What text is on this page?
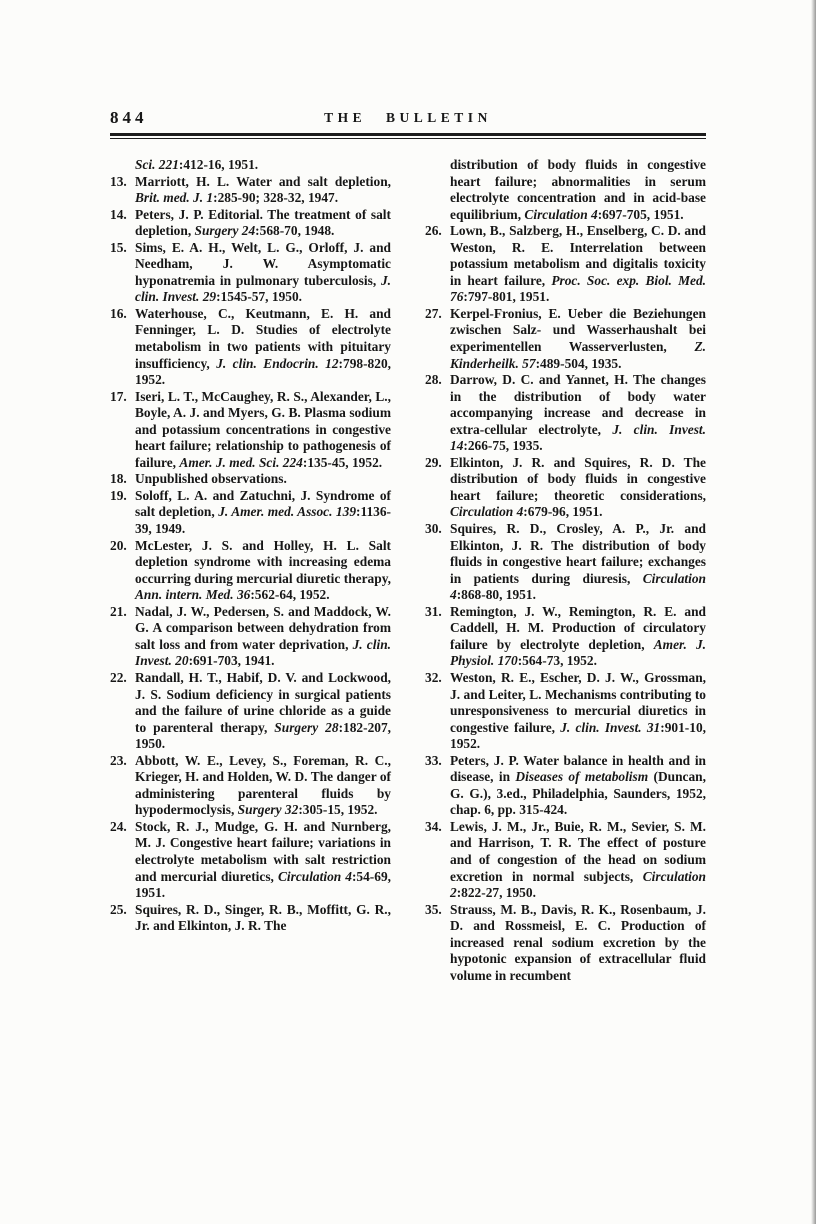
844	THE BULLETIN
Sci. 221:412-16, 1951.
13. Marriott, H. L. Water and salt depletion, Brit. med. J. 1:285-90; 328-32, 1947.
14. Peters, J. P. Editorial. The treatment of salt depletion, Surgery 24:568-70, 1948.
15. Sims, E. A. H., Welt, L. G., Orloff, J. and Needham, J. W. Asymptomatic hyponatremia in pulmonary tuberculosis, J. clin. Invest. 29:1545-57, 1950.
16. Waterhouse, C., Keutmann, E. H. and Fenninger, L. D. Studies of electrolyte metabolism in two patients with pituitary insufficiency, J. clin. Endocrin. 12:798-820, 1952.
17. Iseri, L. T., McCaughey, R. S., Alexander, L., Boyle, A. J. and Myers, G. B. Plasma sodium and potassium concentrations in congestive heart failure; relationship to pathogenesis of failure, Amer. J. med. Sci. 224:135-45, 1952.
18. Unpublished observations.
19. Soloff, L. A. and Zatuchni, J. Syndrome of salt depletion, J. Amer. med. Assoc. 139:1136-39, 1949.
20. McLester, J. S. and Holley, H. L. Salt depletion syndrome with increasing edema occurring during mercurial diuretic therapy, Ann. intern. Med. 36:562-64, 1952.
21. Nadal, J. W., Pedersen, S. and Maddock, W. G. A comparison between dehydration from salt loss and from water deprivation, J. clin. Invest. 20:691-703, 1941.
22. Randall, H. T., Habif, D. V. and Lockwood, J. S. Sodium deficiency in surgical patients and the failure of urine chloride as a guide to parenteral therapy, Surgery 28:182-207, 1950.
23. Abbott, W. E., Levey, S., Foreman, R. C., Krieger, H. and Holden, W. D. The danger of administering parenteral fluids by hypodermoclysis, Surgery 32:305-15, 1952.
24. Stock, R. J., Mudge, G. H. and Nurnberg, M. J. Congestive heart failure; variations in electrolyte metabolism with salt restriction and mercurial diuretics, Circulation 4:54-69, 1951.
25. Squires, R. D., Singer, R. B., Moffitt, G. R., Jr. and Elkinton, J. R. The
distribution of body fluids in congestive heart failure; abnormalities in serum electrolyte concentration and in acid-base equilibrium, Circulation 4:697-705, 1951.
26. Lown, B., Salzberg, H., Enselberg, C. D. and Weston, R. E. Interrelation between potassium metabolism and digitalis toxicity in heart failure, Proc. Soc. exp. Biol. Med. 76:797-801, 1951.
27. Kerpel-Fronius, E. Ueber die Beziehungen zwischen Salz- und Wasserhaushalt bei experimentellen Wasserverlusten, Z. Kinderheilk. 57:489-504, 1935.
28. Darrow, D. C. and Yannet, H. The changes in the distribution of body water accompanying increase and decrease in extra-cellular electrolyte, J. clin. Invest. 14:266-75, 1935.
29. Elkinton, J. R. and Squires, R. D. The distribution of body fluids in congestive heart failure; theoretic considerations, Circulation 4:679-96, 1951.
30. Squires, R. D., Crosley, A. P., Jr. and Elkinton, J. R. The distribution of body fluids in congestive heart failure; exchanges in patients during diuresis, Circulation 4:868-80, 1951.
31. Remington, J. W., Remington, R. E. and Caddell, H. M. Production of circulatory failure by electrolyte depletion, Amer. J. Physiol. 170:564-73, 1952.
32. Weston, R. E., Escher, D. J. W., Grossman, J. and Leiter, L. Mechanisms contributing to unresponsiveness to mercurial diuretics in congestive failure, J. clin. Invest. 31:901-10, 1952.
33. Peters, J. P. Water balance in health and in disease, in Diseases of metabolism (Duncan, G. G.), 3.ed., Philadelphia, Saunders, 1952, chap. 6, pp. 315-424.
34. Lewis, J. M., Jr., Buie, R. M., Sevier, S. M. and Harrison, T. R. The effect of posture and of congestion of the head on sodium excretion in normal subjects, Circulation 2:822-27, 1950.
35. Strauss, M. B., Davis, R. K., Rosenbaum, J. D. and Rossmeisl, E. C. Production of increased renal sodium excretion by the hypotonic expansion of extracellular fluid volume in recumbent
